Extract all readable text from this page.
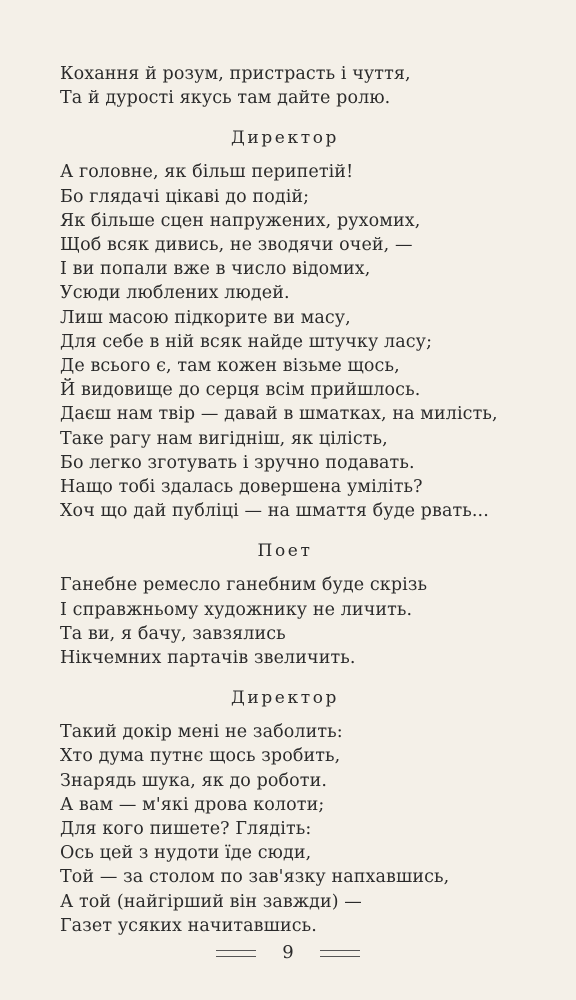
Кохання й розум, пристрасть і чуття,
Та й дурості якусь там дайте ролю.
Директор
А головне, як більш перипетій!
Бо глядачі цікаві до подій;
Як більше сцен напружених, рухомих,
Щоб всяк дивись, не зводячи очей, —
І ви попали вже в число відомих,
Усюди люблених людей.
Лиш масою підкорите ви масу,
Для себе в ній всяк найде штучку ласу;
Де всього є, там кожен візьме щось,
Й видовище до серця всім прийшлось.
Даєш нам твір — давай в шматках, на милість,
Таке рагу нам вигідніш, як цілість,
Бо легко зготувать і зручно подавать.
Нащо тобі здалась довершена уміліть?
Хоч що дай публіці — на шмаття буде рвать...
Поет
Ганебне ремесло ганебним буде скрізь
І справжньому художнику не личить.
Та ви, я бачу, завзялись
Нікчемних партачів звеличить.
Директор
Такий докір мені не заболить:
Хто дума путнє щось зробить,
Знарядь шука, як до роботи.
А вам — м'які дрова колоти;
Для кого пишете? Глядіть:
Ось цей з нудоти їде сюди,
Той — за столом по зав'язку напхавшись,
А той (найгірший він завжди) —
Газет усяких начитавшись.
9
